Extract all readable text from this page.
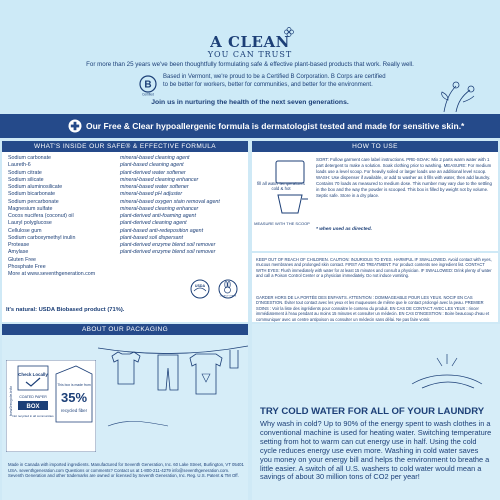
A CLEAN
YOU CAN TRUST
For more than 25 years we've been thoughtfully formulating safe & effective plant-based products that work. Really well.
B
Certified
Based in Vermont, we're proud to be a Certified B Corporation. B Corps are certified
to be better for workers, better for communities, and better for the environment.
Join us in nurturing the health of the next seven generations.
Our Free & Clear hypoallergenic formula is dermatologist tested and made for sensitive skin.*
WHAT'S INSIDE OUR SAFE® & EFFECTIVE FORMULA
Sodium carbonate	mineral-based cleaning agent
Laureth-6	plant-based cleaning agent
Sodium citrate	plant-derived water softener
Sodium silicate	mineral-based cleaning enhancer
Sodium aluminosilicate	mineral-based water softener
Sodium bicarbonate	mineral-based pH adjuster
Sodium percarbonate	mineral-based oxygen stain removal agent
Magnesium sulfate	mineral-based cleaning enhancer
Cocos nucifera (coconut) oil	plant-derived anti-foaming agent
Lauryl polyglucose	plant-derived cleaning agent
Cellulose gum	plant-based anti-redeposition agent
Sodium carboxymethyl inulin	plant-based soil dispersant
Protease	plant-derived enzyme blend soil remover
Amylase	plant-derived enzyme blend soil remover
Gluten Free
Phosphate Free
More at www.seventhgeneration.com
It's natural: USDA Biobased product (71%).
USDA
CRUELTY FREE
HOW TO USE
fill all water temperatures cold & hot
MEASURE WITH THE SCOOP
SORT: Follow garment care label instructions. PRE-SOAK: Mix 2 parts warm water with 1 part detergent to make a solution. Soak clothing prior to washing. MEASURE: For medium loads use a level scoop. For heavily soiled or larger loads use an additional level scoop. WASH: Use dispenser if available, or add to washer as it fills with water, then add laundry. Contains 70 loads as measured to medium dose. This number may vary due to the settling in the box and the way the powder is scooped. This box is filled by weight not by volume. Septic safe. Store in a dry place.
* when used as directed.
KEEP OUT OF REACH OF CHILDREN. CAUTION: INJURIOUS TO EYES. HARMFUL IF SWALLOWED. Avoid contact with eyes, mucous membranes and prolonged skin contact. FIRST AID TREATMENT: For product contents see ingredient list. CONTACT WITH EYES: Flush immediately with water for at least 15 minutes and consult a physician. IF SWALLOWED: Drink plenty of water and call a Poison Control Center or a physician immediately. Do not induce vomiting.
GARDER HORS DE LA PORTÉE DES ENFANTS. ATTENTION : DOMMAGEABLE POUR LES YEUX. NOCIF EN CAS D'INGESTION. Éviter tout contact avec les yeux et les muqueuses de même que le contact prolongé avec la peau. PREMIER SOINS : Voir la liste des ingrédients pour connaitre le contenu du produit. EN CAS DE CONTACT AVEC LES YEUX : rincer immédiatement à l'eau pendant au moins 15 minutes et consulter un médecin. EN CAS D'INGESTION : Boire beaucoup d'eau et communiquer avec un centre antipoison ou consulter un médecin sans délai. Ne pas faire vomir.
ABOUT OUR PACKAGING
how2recycle.info
Check Locally
COATED PAPER
BOX
Not recycled in all communities
This box is made from
35%
recycled fiber
Made in Canada with imported ingredients. Manufactured for Seventh Generation, Inc. 60 Lake Street, Burlington, VT 05401 USA. seventhgeneration.com Questions or comments? Contact us at 1-800-211-4279 info@seventhgeneration.com. Seventh Generation and other trademarks are owned or licensed by Seventh Generation, Inc. Reg. U.S. Patent & TM Off.
TRY COLD WATER FOR ALL OF YOUR LAUNDRY
Why wash in cold? Up to 90% of the energy spent to wash clothes in a conventional machine is used for heating water. Switching temperature setting from hot to warm can cut energy use in half. Using the cold cycle reduces energy use even more. Washing in cold water saves you money on your energy bill and helps the environment to breathe a little easier. A switch of all U.S. washers to cold water would mean a savings of about 30 million tons of CO2 per year!
